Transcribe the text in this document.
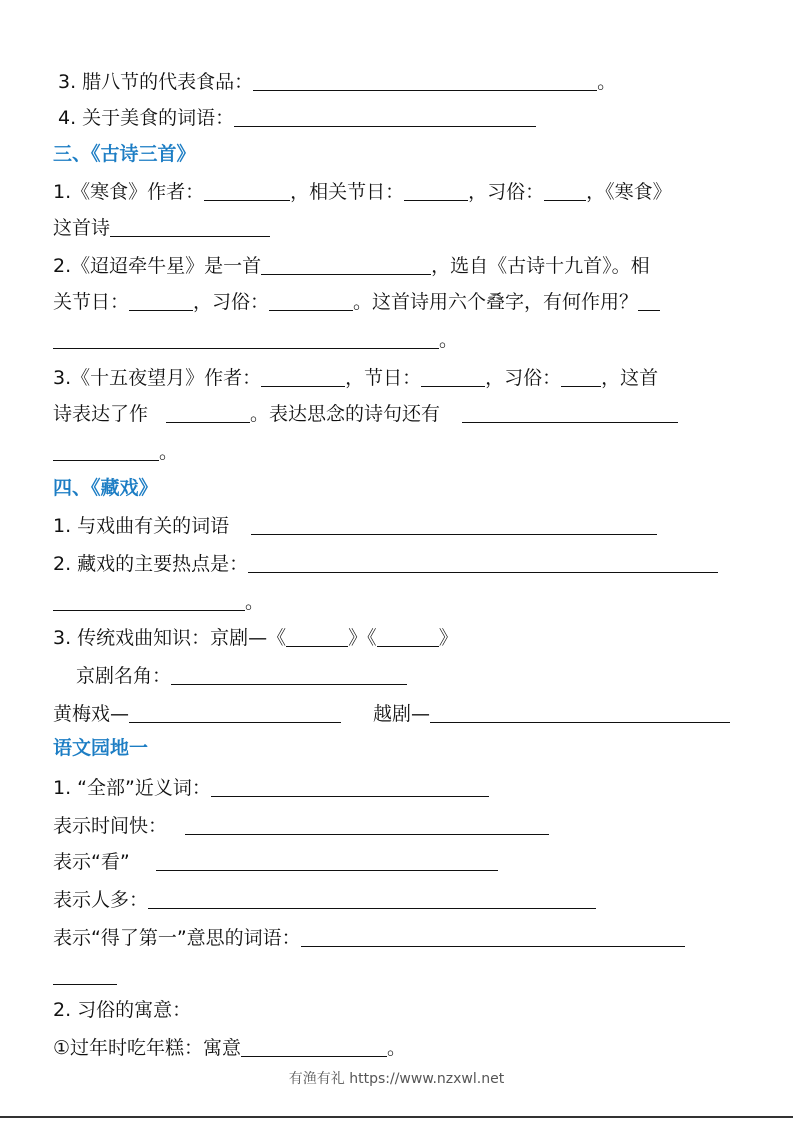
3. 腊八节的代表食品：	。
4. 关于美食的词语：
三、《古诗三首》
1.《寒食》作者：	，相关节日：	，习俗： ，《寒食》
这首诗
2.《迢迢牵牛星》是一首	，选自《古诗十九首》。相
关节日：	，习俗：	。这首诗用六个叠字，有何作用？
。
3.《十五夜望月》作者：	，节日：	，习俗： ，这首
诗表达了作	。表达思念的诗句还有
。
四、《藏戏》
1. 与戏曲有关的词语
2. 藏戏的主要热点是：
。
3. 传统戏曲知识：京剧—《	》《	》
京剧名角：
黄梅戏—	越剧—
语文园地一
1. “全部”近义词：
表示时间快：
表示“看”
表示人多：
表示“得了第一”意思的词语：
2. 习俗的寓意：
①过年时吃年糕：寓意	。
有渔有礼 https://www.nzxwl.net
